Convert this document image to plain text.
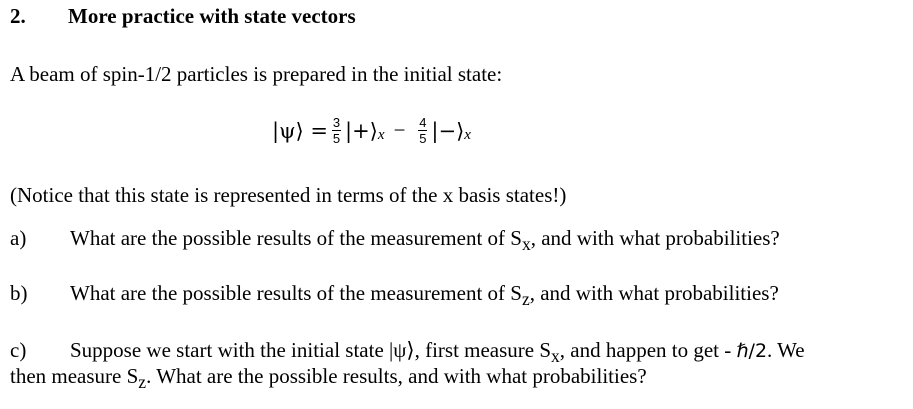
2. More practice with state vectors
A beam of spin-1/2 particles is prepared in the initial state:
|ψ⟩ = $\frac{3}{5}$ |+⟩ $x - \frac{4}{5}$ |−⟩ x
(Notice that this state is represented in terms of the x basis states!)
a) What are the possible results of the measurement of $S_x$, and with what probabilities?
b) What are the possible results of the measurement of $S_z$, and with what probabilities?
c) Suppose we start with the initial state |ψ⟩, first measure $S_x$, and happen to get - ℏ/2. We
then measure $S_z$. What are the possible results, and with what probabilities?
